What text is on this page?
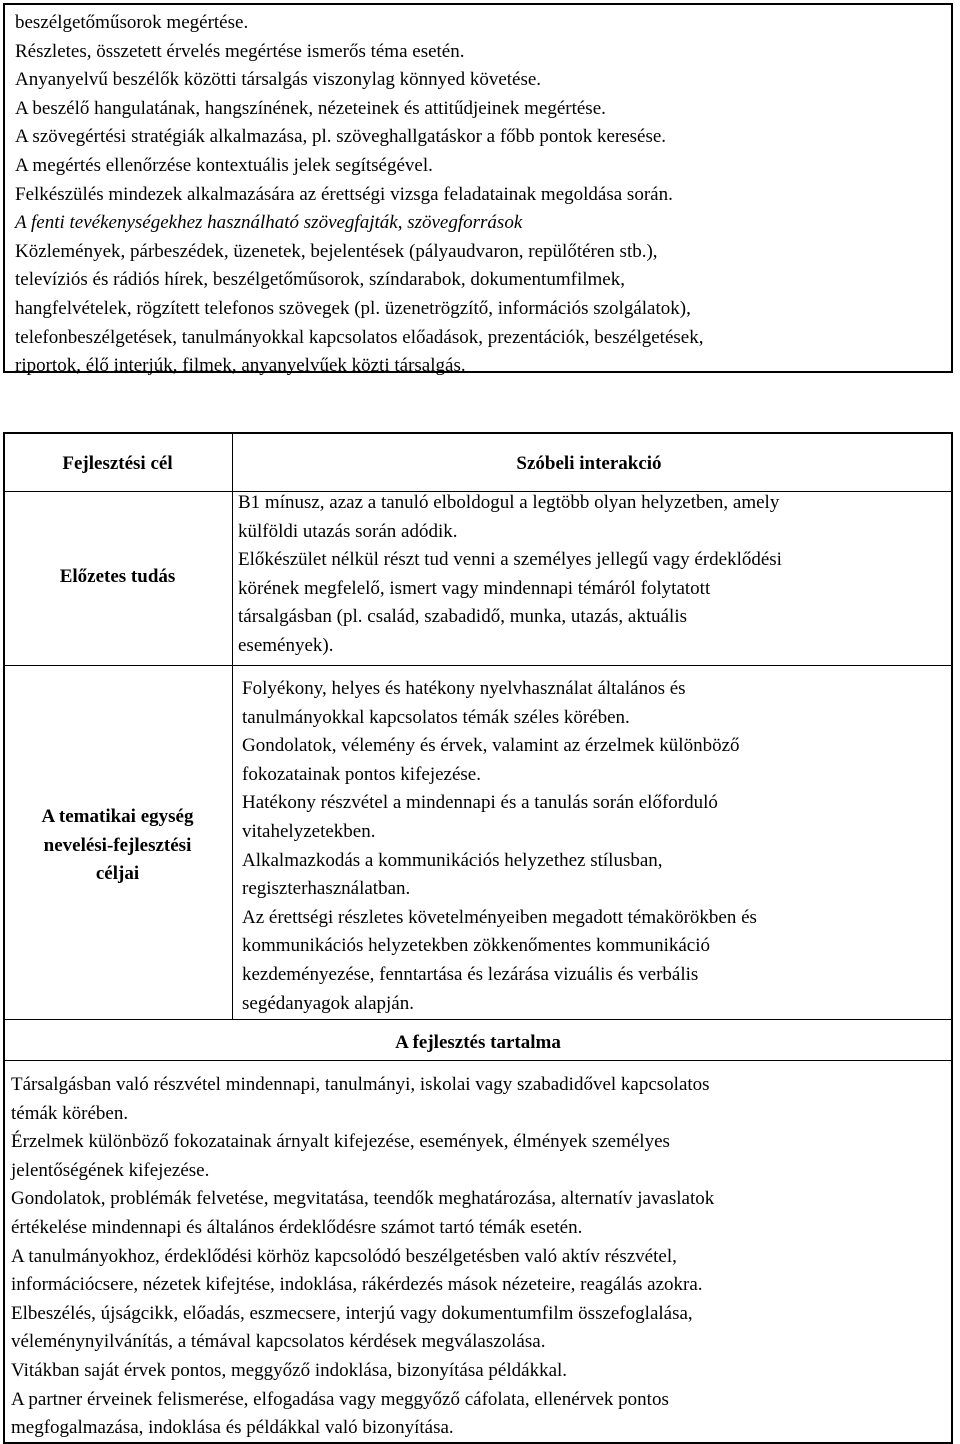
beszélgetőműsorok megértése.
Részletes, összetett érvelés megértése ismerős téma esetén.
Anyanyelvű beszélők közötti társalgás viszonylag könnyed követése.
A beszélő hangulatának, hangszínének, nézeteinek és attitűdjeinek megértése.
A szövegértési stratégiák alkalmazása, pl. szöveghallgatáskor a főbb pontok keresése.
A megértés ellenőrzése kontextuális jelek segítségével.
Felkészülés mindezek alkalmazására az érettségi vizsga feladatainak megoldása során.
A fenti tevékenységekhez használható szövegfajták, szövegforrások
Közlemények, párbeszédek, üzenetek, bejelentések (pályaudvaron, repülőtéren stb.),
televíziós és rádiós hírek, beszélgetőműsorok, színdarabok, dokumentumfilmek,
hangfelvételek, rögzített telefonos szövegek (pl. üzenetrögzítő, információs szolgálatok),
telefonbeszélgetések, tanulmányokkal kapcsolatos előadások, prezentációk, beszélgetések,
riportok, élő interjúk, filmek, anyanyelvűek közti társalgás.
Fejlesztési cél	Szóbeli interakció
Előzetes tudás
B1 mínusz, azaz a tanuló elboldogul a legtöbb olyan helyzetben, amely
külföldi utazás során adódik.
Előkészület nélkül részt tud venni a személyes jellegű vagy érdeklődési
körének megfelelő, ismert vagy mindennapi témáról folytatott
társalgásban (pl. család, szabadidő, munka, utazás, aktuális
események).
A tematikai egység
nevelési-fejlesztési
céljai
Folyékony, helyes és hatékony nyelvhasználat általános és
tanulmányokkal kapcsolatos témák széles körében.
Gondolatok, vélemény és érvek, valamint az érzelmek különböző
fokozatainak pontos kifejezése.
Hatékony részvétel a mindennapi és a tanulás során előforduló
vitahelyzetekben.
Alkalmazkodás a kommunikációs helyzethez stílusban,
regiszterhasználatban.
Az érettségi részletes követelményeiben megadott témakörökben és
kommunikációs helyzetekben zökkenőmentes kommunikáció
kezdeményezése, fenntartása és lezárása vizuális és verbális
segédanyagok alapján.
A fejlesztés tartalma
Társalgásban való részvétel mindennapi, tanulmányi, iskolai vagy szabadidővel kapcsolatos
témák körében.
Érzelmek különböző fokozatainak árnyalt kifejezése, események, élmények személyes
jelentőségének kifejezése.
Gondolatok, problémák felvetése, megvitatása, teendők meghatározása, alternatív javaslatok
értékelése mindennapi és általános érdeklődésre számot tartó témák esetén.
A tanulmányokhoz, érdeklődési körhöz kapcsolódó beszélgetésben való aktív részvétel,
információcsere, nézetek kifejtése, indoklása, rákérdezés mások nézeteire, reagálás azokra.
Elbeszélés, újságcikk, előadás, eszmecsere, interjú vagy dokumentumfilm összefoglalása,
véleménynyilvánítás, a témával kapcsolatos kérdések megválaszolása.
Vitákban saját érvek pontos, meggyőző indoklása, bizonyítása példákkal.
A partner érveinek felismerése, elfogadása vagy meggyőző cáfolata, ellenérvek pontos
megfogalmazása, indoklása és példákkal való bizonyítása.
